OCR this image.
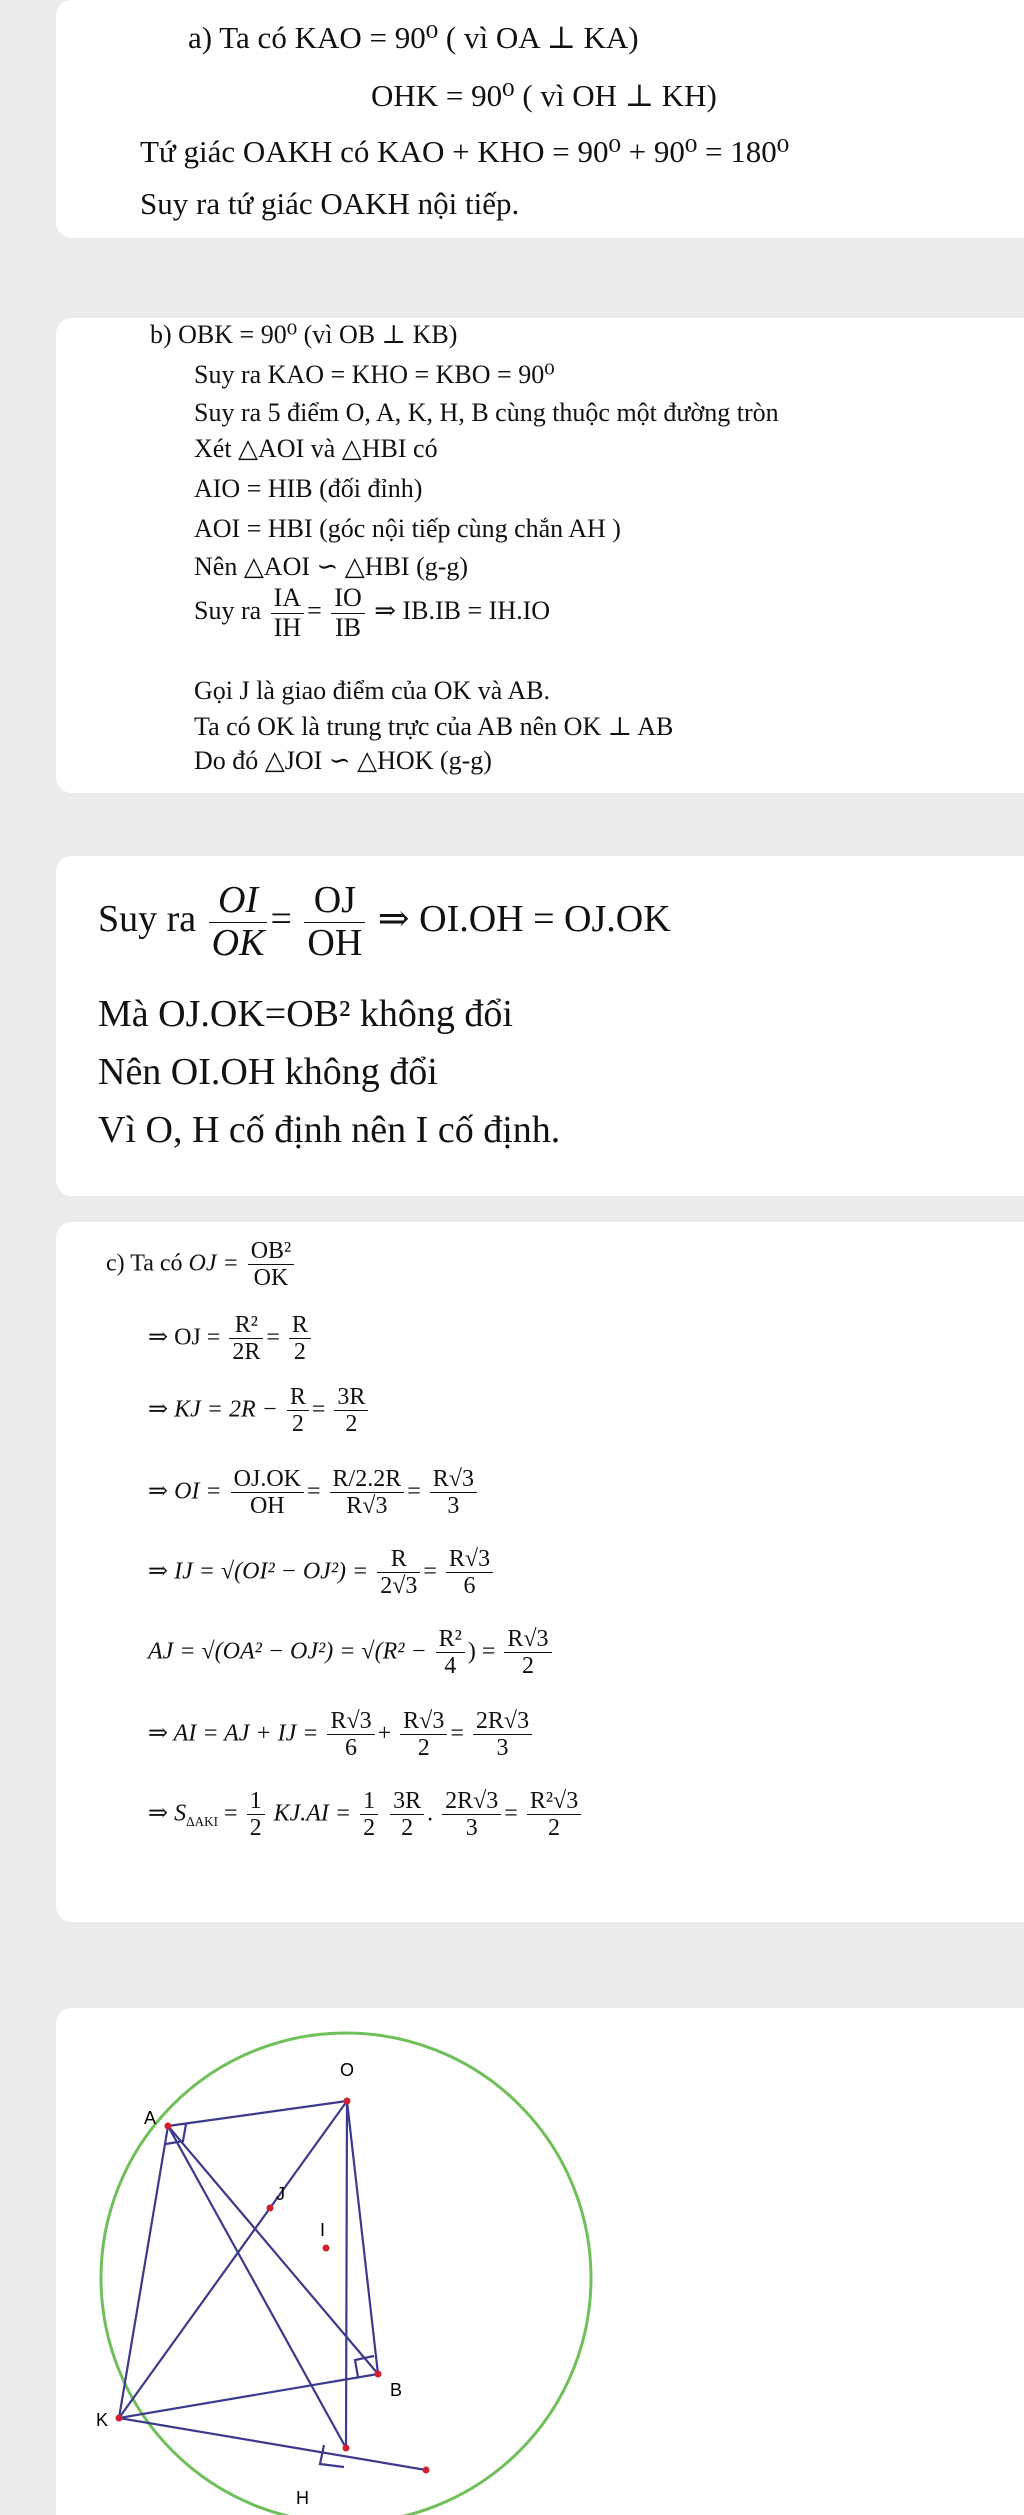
a) Ta có KAO = 90⁰ ( vì OA ⊥ KA)
OHK = 90⁰ ( vì OH ⊥ KH)
Tứ giác OAKH có KAO + KHO = 90⁰ + 90⁰ = 180⁰
Suy ra tứ giác OAKH nội tiếp.
b) OBK = 90⁰ (vì OB ⊥ KB)
Suy ra KAO = KHO = KBO = 90⁰
Suy ra 5 điểm O, A, K, H, B cùng thuộc một đường tròn
Xét △AOI và △HBI có
AIO = HIB (đối đỉnh)
AOI = HBI (góc nội tiếp cùng chắn AH )
Nên △AOI ∽ △HBI (g-g)
Suy ra $\frac{IA}{IH} = \frac{IO}{IB}$ ⇒ IB.IB = IH.IO
Gọi J là giao điểm của OK và AB.
Ta có OK là trung trực của AB nên OK ⊥ AB
Do đó △JOI ∽ △HOK (g-g)
Suy ra $\frac{OI}{OK} = \frac{OJ}{OH}$ ⇒ OI.OH = OJ.OK
Mà OJ.OK=OB² không đổi
Nên OI.OH không đổi
Vì O, H cố định nên I cố định.
c) Ta có OJ = $\frac{\text{OB²}}{OK}$
⇒ OJ = $\frac{\text{R²}}{2R} = \frac{R}{2}$
⇒ KJ = $2R - \frac{R}{2} = \frac{3R}{2}$
⇒ OI = $\frac{OJ.OK}{OH} = \frac{R/2.2R}{R√3} = \frac{R√3}{3}$
⇒ IJ = $√(OI^2 - OJ^2) = \frac{R}{2√3} = \frac{R√3}{6}$
AJ = $√(OA^2 - OJ^2) = √(R^2 - \frac{\text{R²}}{4}$ ) = $\frac{R√3}{2}$
⇒ AI = AJ + IJ = $\frac{R√3}{6} + \frac{R√3}{2} = \frac{2R√3}{3}$
⇒ $S_{\Delta AKI} = \frac{1}{2} KJ.AI = \frac{1}{2}$
$\frac{3R}{2}$ . $\frac{2R√3}{3} = \frac{\text{R²√3}}{2}$
O
A
J
I
B
K
H
